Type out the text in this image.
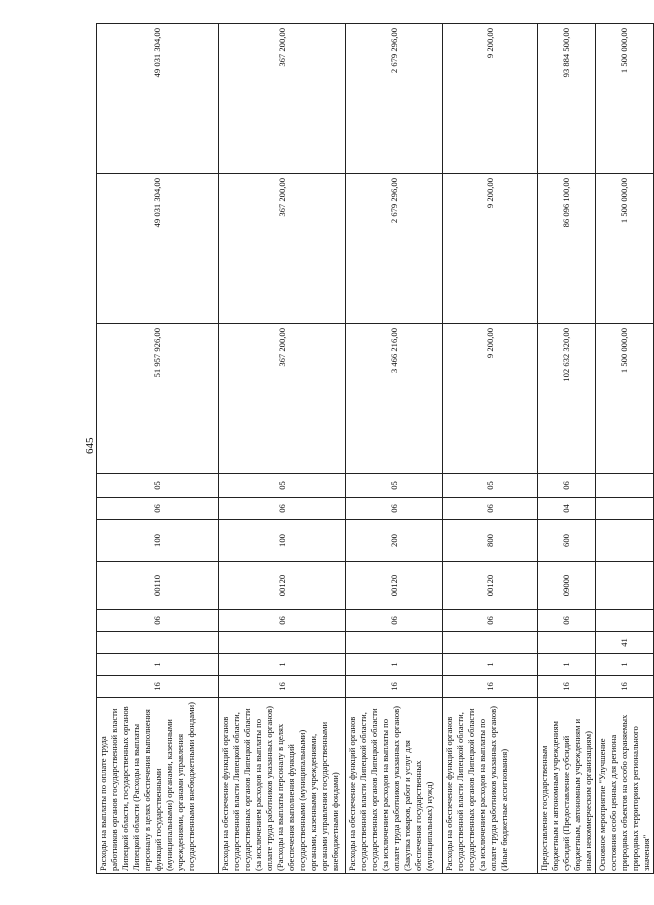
645
Расходы на выплаты по оплате труда работников органов государственной власти Липецкой области, государственных органов Липецкой области (Расходы на выплаты персоналу в целях обеспечения выполнения функций государственными (муниципальными) органами, казенными учреждениями, органами управления государственными внебюджетными фондами)	16	1		06	00110	100	06	05	51 957 926,00	49 031 304,00	49 031 304,00
Расходы на обеспечение функций органов государственной власти Липецкой области, государственных органов Липецкой области (за исключением расходов на выплаты по оплате труда работников указанных органов) (Расходы на выплаты персоналу в целях обеспечения выполнения функций государственными (муниципальными) органами, казенными учреждениями, органами управления государственными внебюджетными фондами)	16	1		06	00120	100	06	05	367 200,00	367 200,00	367 200,00
Расходы на обеспечение функций органов государственной власти Липецкой области, государственных органов Липецкой области (за исключением расходов на выплаты по оплате труда работников указанных органов) (Закупка товаров, работ и услуг для обеспечения государственных (муниципальных) нужд)	16	1		06	00120	200	06	05	3 466 216,00	2 679 296,00	2 679 296,00
Расходы на обеспечение функций органов государственной власти Липецкой области, государственных органов Липецкой области (за исключением расходов на выплаты по оплате труда работников указанных органов) (Иные бюджетные ассигнования)	16	1		06	00120	800	06	05	9 200,00	9 200,00	9 200,00
Предоставление государственным бюджетным и автономным учреждениям субсидий (Предоставление субсидий бюджетным, автономным учреждениям и иным некоммерческим организациям)	16	1		06	09000	600	04	06	102 632 320,00	86 096 100,00	93 884 500,00
Основное мероприятие "Улучшение состояния особо ценных для региона природных объектов на особо охраняемых природных территориях регионального значения"	16	1	41						1 500 000,00	1 500 000,00	1 500 000,00
